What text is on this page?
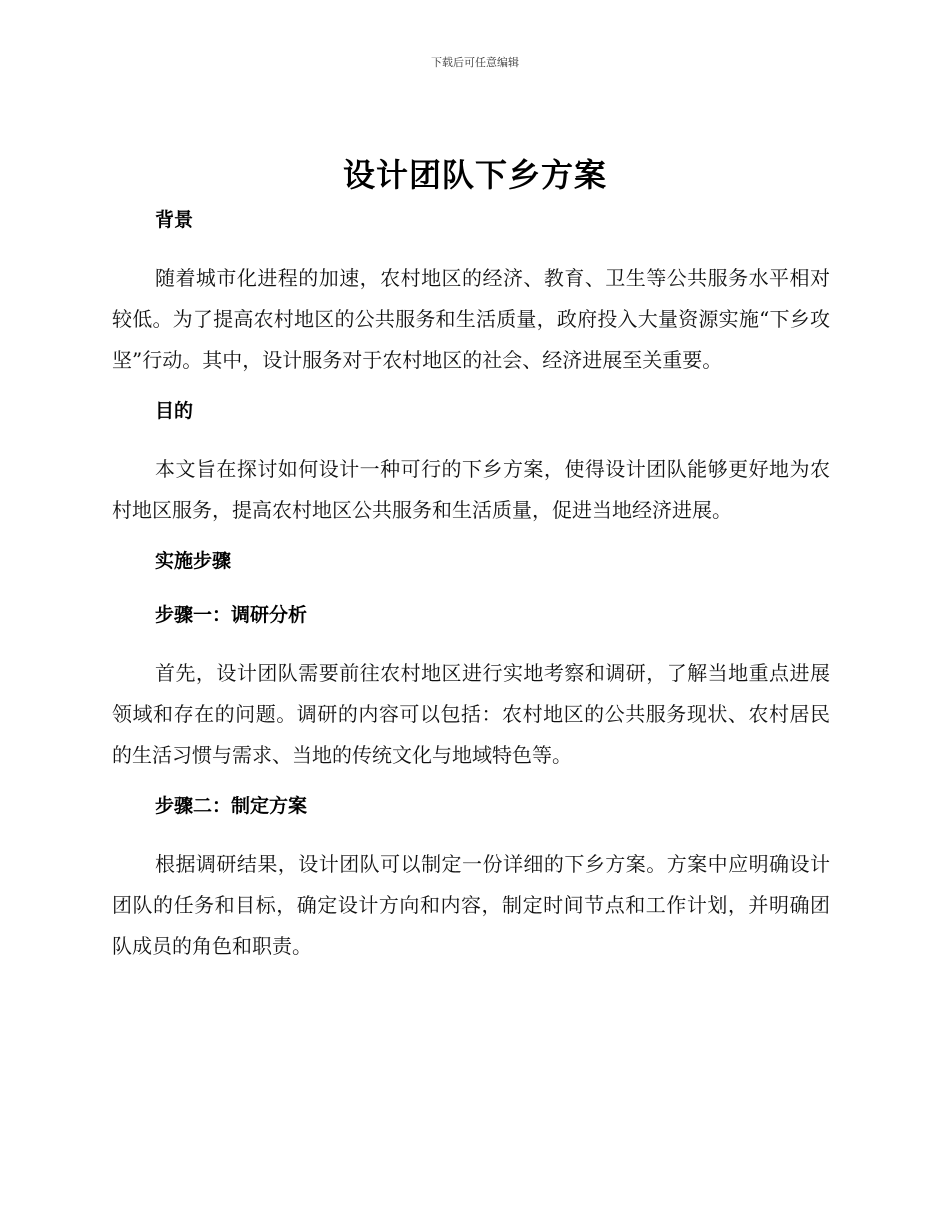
下载后可任意编辑
设计团队下乡方案
背景

随着城市化进程的加速，农村地区的经济、教育、卫生等公共服务水平相对较低。为了提高农村地区的公共服务和生活质量，政府投入大量资源实施“下乡攻坚”行动。其中，设计服务对于农村地区的社会、经济进展至关重要。

目的

本文旨在探讨如何设计一种可行的下乡方案，使得设计团队能够更好地为农村地区服务，提高农村地区公共服务和生活质量，促进当地经济进展。

实施步骤
步骤一：调研分析

首先，设计团队需要前往农村地区进行实地考察和调研，了解当地重点进展领域和存在的问题。调研的内容可以包括：农村地区的公共服务现状、农村居民的生活习惯与需求、当地的传统文化与地域特色等。

步骤二：制定方案

根据调研结果，设计团队可以制定一份详细的下乡方案。方案中应明确设计团队的任务和目标，确定设计方向和内容，制定时间节点和工作计划，并明确团队成员的角色和职责。
